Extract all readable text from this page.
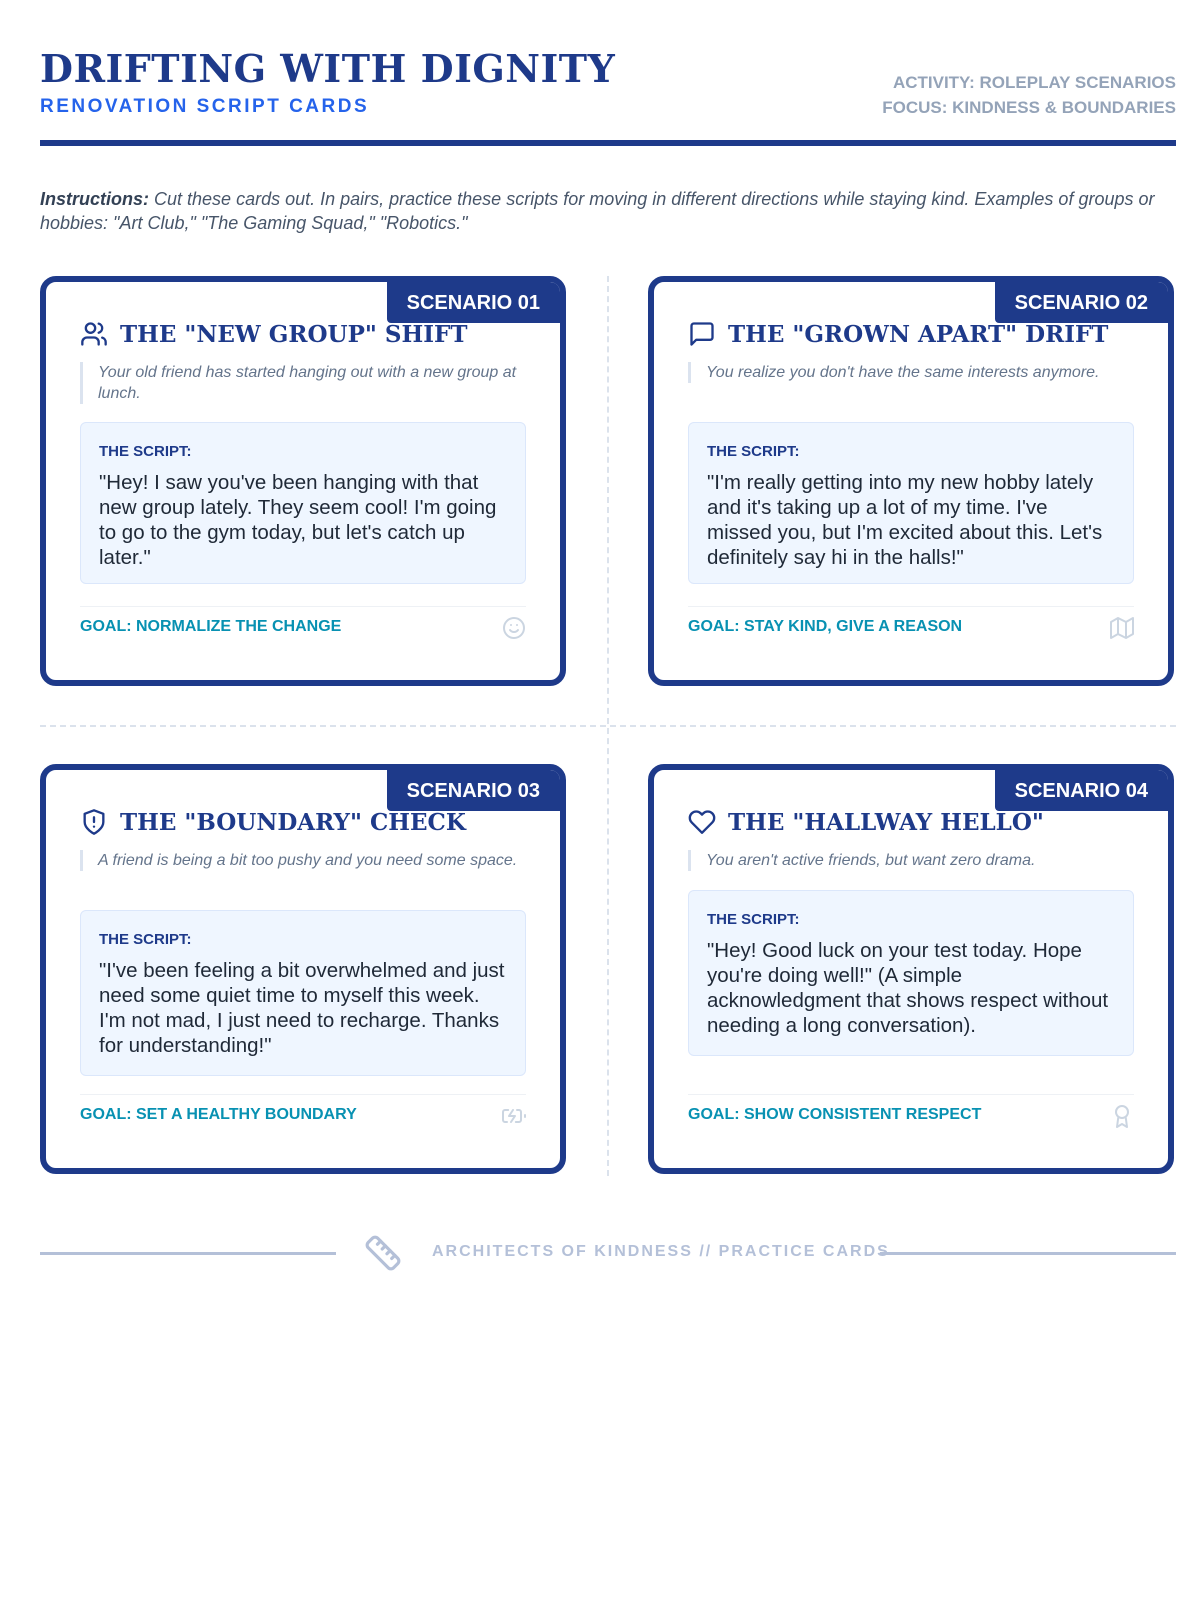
DRIFTING WITH DIGNITY
RENOVATION SCRIPT CARDS
ACTIVITY: ROLEPLAY SCENARIOS
FOCUS: KINDNESS & BOUNDARIES
Instructions: Cut these cards out. In pairs, practice these scripts for moving in different directions while staying kind. Examples of groups or hobbies: "Art Club," "The Gaming Squad," "Robotics."
SCENARIO 01
THE "NEW GROUP" SHIFT
Your old friend has started hanging out with a new group at lunch.
THE SCRIPT:
"Hey! I saw you've been hanging with that new group lately. They seem cool! I'm going to go to the gym today, but let's catch up later."
GOAL: NORMALIZE THE CHANGE
SCENARIO 02
THE "GROWN APART" DRIFT
You realize you don't have the same interests anymore.
THE SCRIPT:
"I'm really getting into my new hobby lately and it's taking up a lot of my time. I've missed you, but I'm excited about this. Let's definitely say hi in the halls!"
GOAL: STAY KIND, GIVE A REASON
SCENARIO 03
THE "BOUNDARY" CHECK
A friend is being a bit too pushy and you need some space.
THE SCRIPT:
"I've been feeling a bit overwhelmed and just need some quiet time to myself this week. I'm not mad, I just need to recharge. Thanks for understanding!"
GOAL: SET A HEALTHY BOUNDARY
SCENARIO 04
THE "HALLWAY HELLO"
You aren't active friends, but want zero drama.
THE SCRIPT:
"Hey! Good luck on your test today. Hope you're doing well!" (A simple acknowledgment that shows respect without needing a long conversation).
GOAL: SHOW CONSISTENT RESPECT
ARCHITECTS OF KINDNESS // PRACTICE CARDS
